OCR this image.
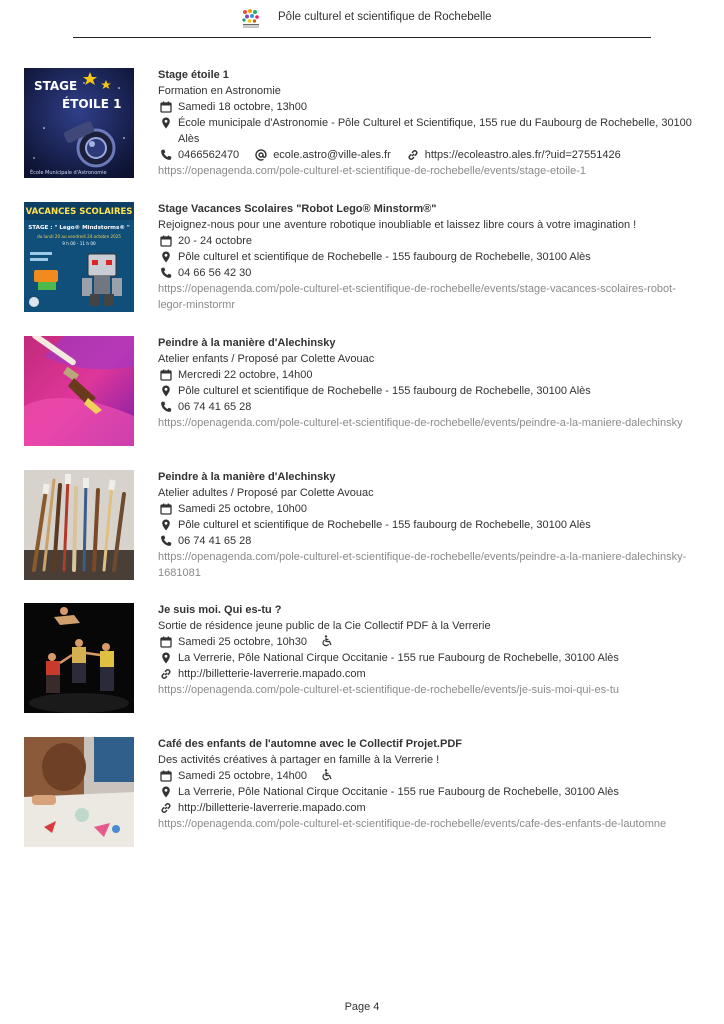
Pôle culturel et scientifique de Rochebelle
STAGE
ÉTOILE 1
École Municipale d'Astronomie
Stage étoile 1
Formation en Astronomie
Samedi 18 octobre, 13h00
École municipale d'Astronomie - Pôle Culturel et Scientifique, 155 rue du Faubourg de Rochebelle, 30100 Alès
0466562470	ecole.astro@ville-ales.fr	https://ecoleastro.ales.fr/?uid=27551426
https://openagenda.com/pole-culturel-et-scientifique-de-rochebelle/events/stage-etoile-1
VACANCES SCOLAIRES
STAGE : " Lego® Mindstorms® "
du lundi 20 au vendredi 24 octobre 2025
9 h 00 - 11 h 00
Stage Vacances Scolaires "Robot Lego® Minstorm®"
Rejoignez-nous pour une aventure robotique inoubliable et laissez libre cours à votre imagination !
20 - 24 octobre
Pôle culturel et scientifique de Rochebelle - 155 faubourg de Rochebelle, 30100 Alès
04 66 56 42 30
https://openagenda.com/pole-culturel-et-scientifique-de-rochebelle/events/stage-vacances-scolaires-robot-legor-minstormr
Peindre à la manière d'Alechinsky
Atelier enfants / Proposé par Colette Avouac
Mercredi 22 octobre, 14h00
Pôle culturel et scientifique de Rochebelle - 155 faubourg de Rochebelle, 30100 Alès
06 74 41 65 28
https://openagenda.com/pole-culturel-et-scientifique-de-rochebelle/events/peindre-a-la-maniere-dalechinsky
Peindre à la manière d'Alechinsky
Atelier adultes / Proposé par Colette Avouac
Samedi 25 octobre, 10h00
Pôle culturel et scientifique de Rochebelle - 155 faubourg de Rochebelle, 30100 Alès
06 74 41 65 28
https://openagenda.com/pole-culturel-et-scientifique-de-rochebelle/events/peindre-a-la-maniere-dalechinsky-1681081
Je suis moi. Qui es-tu ?
Sortie de résidence jeune public de la Cie Collectif PDF à la Verrerie
Samedi 25 octobre, 10h30
La Verrerie, Pôle National Cirque Occitanie - 155 rue Faubourg de Rochebelle, 30100 Alès
http://billetterie-laverrerie.mapado.com
https://openagenda.com/pole-culturel-et-scientifique-de-rochebelle/events/je-suis-moi-qui-es-tu
Café des enfants de l'automne avec le Collectif Projet.PDF
Des activités créatives à partager en famille à la Verrerie !
Samedi 25 octobre, 14h00
La Verrerie, Pôle National Cirque Occitanie - 155 rue Faubourg de Rochebelle, 30100 Alès
http://billetterie-laverrerie.mapado.com
https://openagenda.com/pole-culturel-et-scientifique-de-rochebelle/events/cafe-des-enfants-de-lautomne
Page 4
